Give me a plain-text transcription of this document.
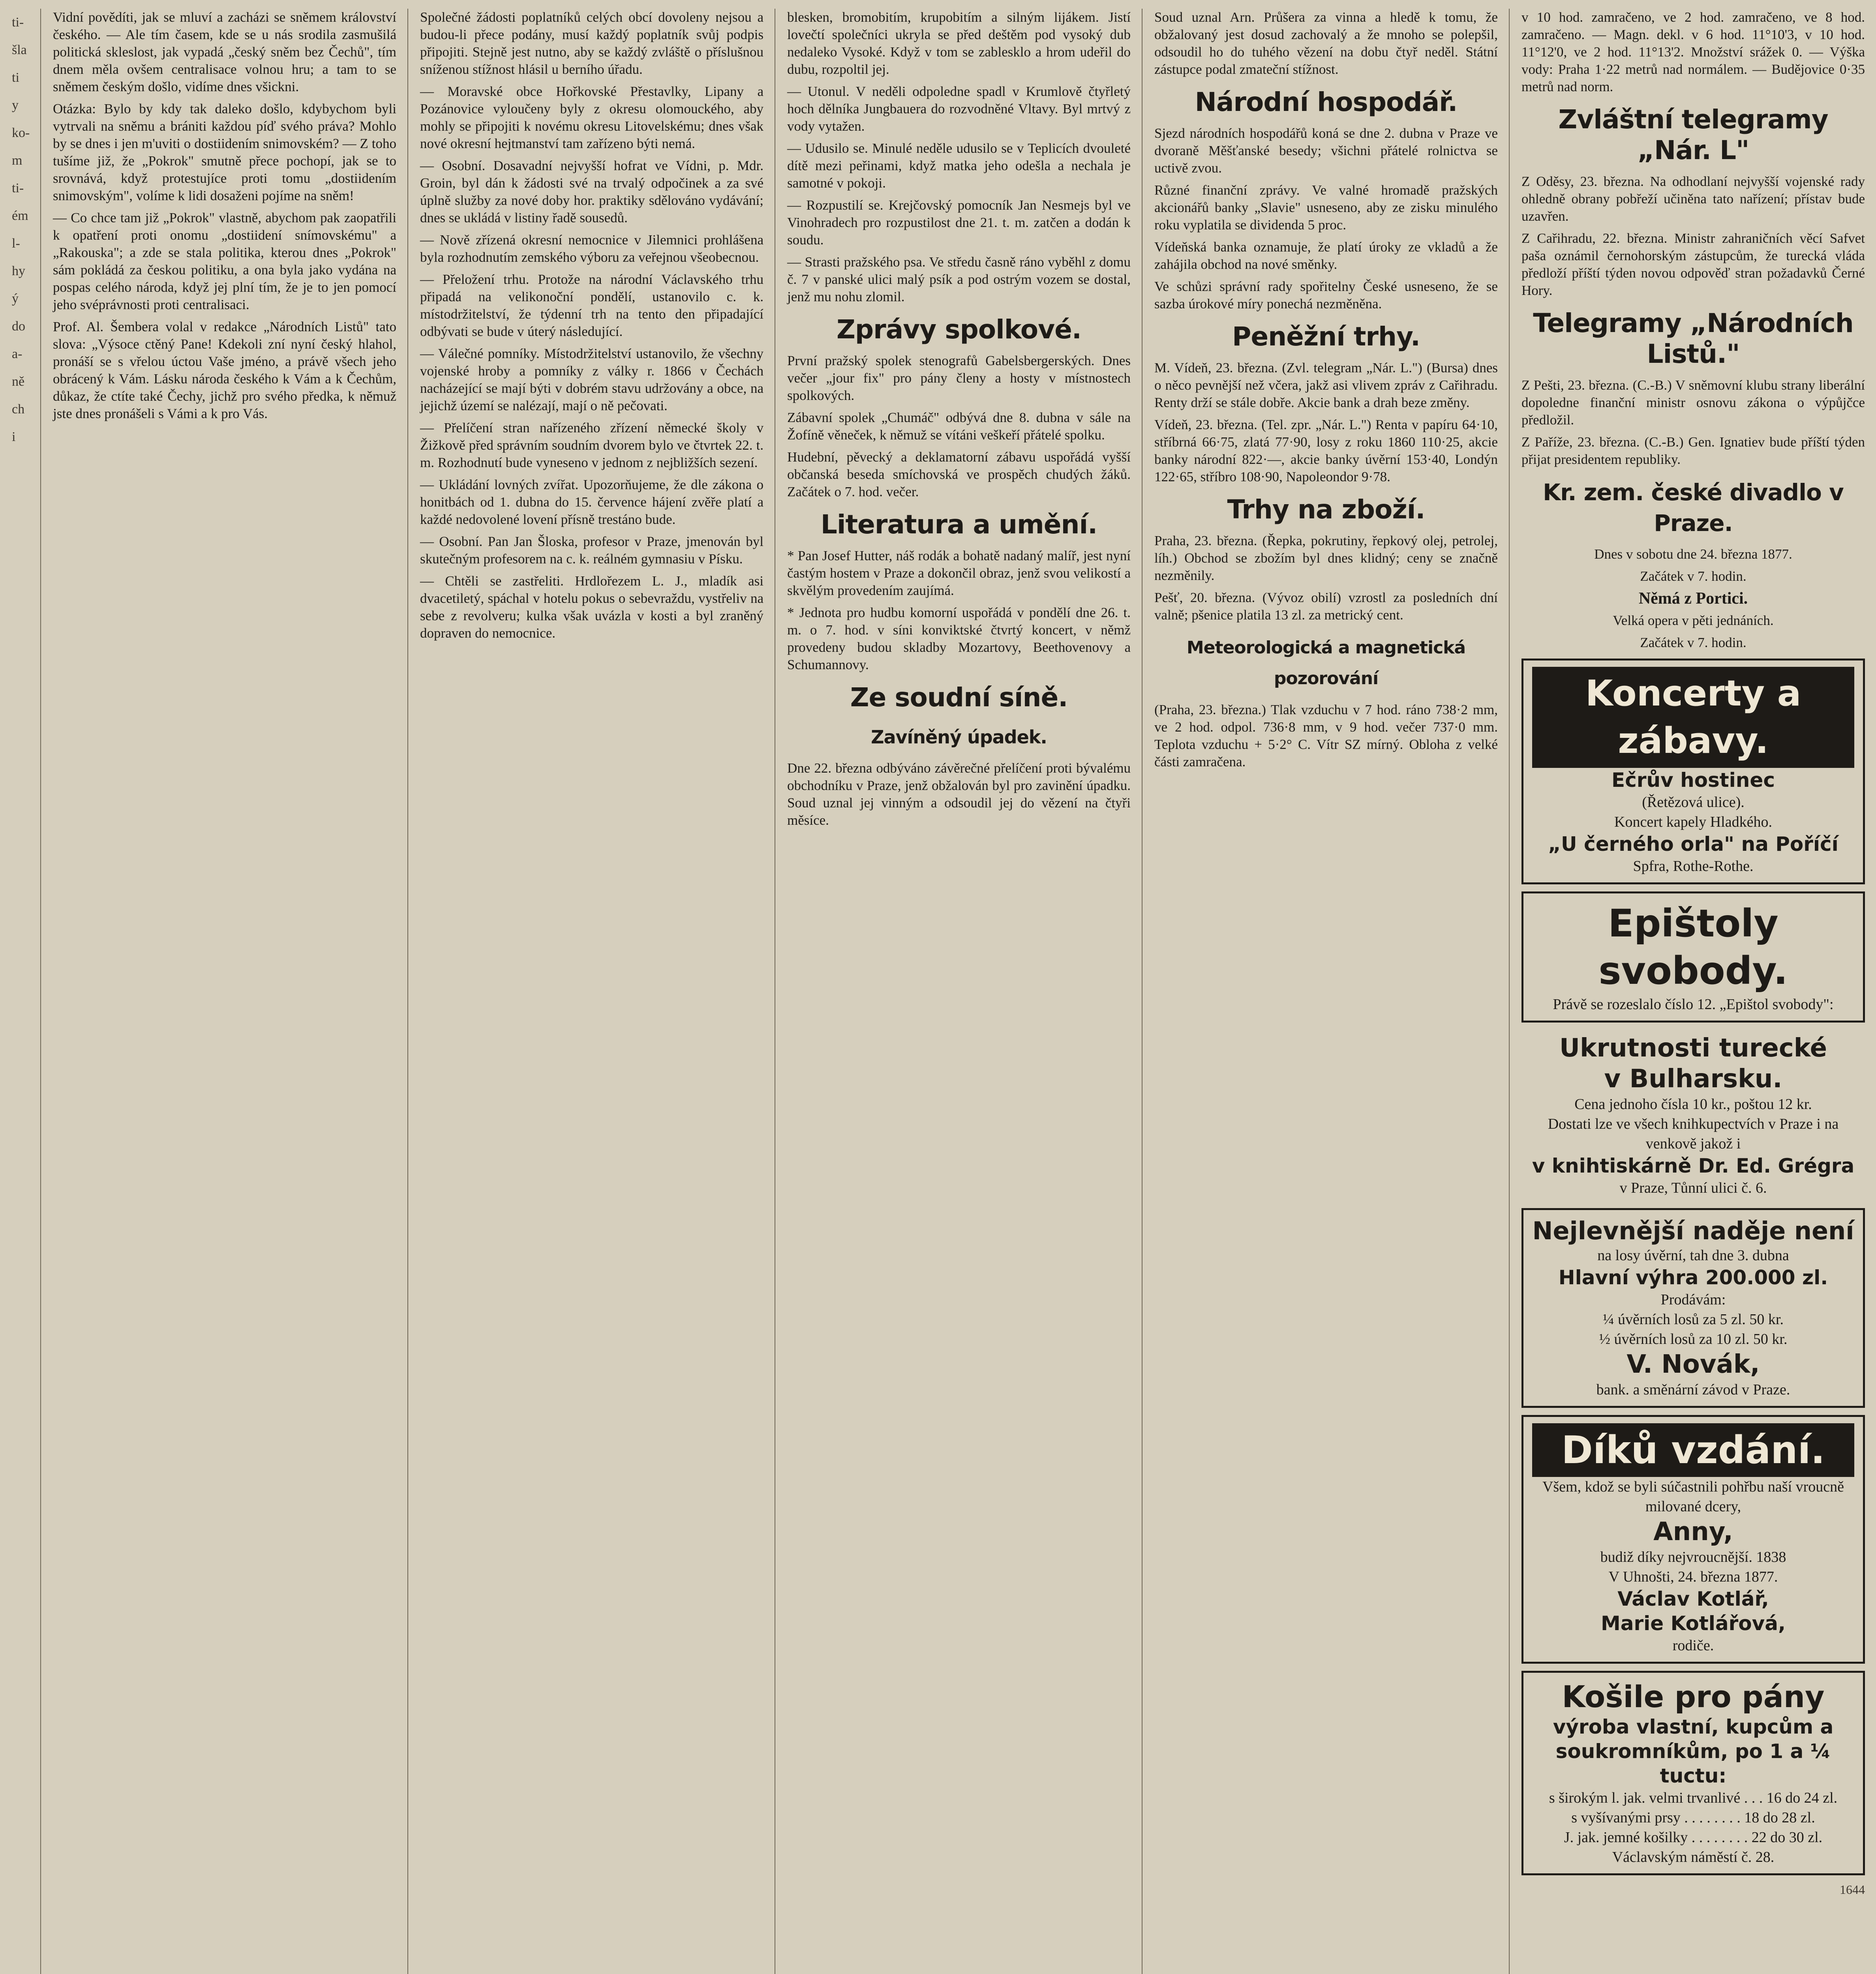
ti-
šla
ti
y
ko-
m
ti-
ém
l-
hy
ý
do
a-
ně
ch
i

Vidní povědíti, jak se mluví a zacházi se sněmem království českého. — Ale tím časem, kde se u nás srodila zasmušilá politická skleslost, jak vypadá „český sněm bez Čechů", tím dnem měla ovšem centralisace volnou hru; a tam to se sněmem českým došlo, vidíme dnes všickni.

Otázka: Bylo by kdy tak daleko došlo, kdybychom byli vytrvali na sněmu a brániti každou píď svého práva? Mohlo by se dnes i jen m'uviti o dostiidením snimovském? — Z toho tušíme již, že „Pokrok" smutně přece pochopí, jak se to srovnává, když protestujíce proti tomu „dostiidením snimovským", volíme k lidi dosaženi pojíme na sněm!

— Co chce tam již „Pokrok" vlastně, abychom pak zaopatřili k opatření proti onomu „dostiidení snímovskému" a „Rakouska"; a zde se stala politika, kterou dnes „Pokrok" sám pokládá za českou politiku, a ona byla jako vydána na pospas celého národa, když jej plní tím, že je to jen pomocí jeho svéprávnosti proti centralisaci.

Prof. Al. Šembera volal v redakce „Národních Listů" tato slova: „Výsoce ctěný Pane! Kdekoli zní nyní český hlahol, pronáší se s vřelou úctou Vaše jméno, a právě všech jeho obrácený k Vám. Lásku národa českého k Vám a k Čechům, důkaz, že ctíte také Čechy, jichž pro svého předka, k němuž jste dnes pronášeli s Vámi a k pro Vás.

Společné žádosti poplatníků celých obcí dovoleny nejsou a budou-li přece podány, musí každý poplatník svůj podpis připojiti. Stejně jest nutno, aby se každý zvláště o příslušnou sníženou stížnost hlásil u berního úřadu.

— Moravské obce Hořkovské Přestavlky, Lipany a Pozánovice vyloučeny byly z okresu olomouckého, aby mohly se připojiti k novému okresu Litovelskému; dnes však nové okresní hejtmanství tam zařízeno býti nemá.

— Osobní. Dosavadní nejvyšší hofrat ve Vídni, p. Mdr. Groin, byl dán k žádosti své na trvalý odpočinek a za své úplně služby za nové doby hor. praktiky sdělováno vydávání; dnes se ukládá v listiny řadě sousedů.

— Nově zřízená okresní nemocnice v Jilemnici prohlášena byla rozhodnutím zemského výboru za veřejnou všeobecnou.

— Přeložení trhu. Protože na národní Václavského trhu připadá na velikonoční pondělí, ustanovilo c. k. místodržitelství, že týdenní trh na tento den připadající odbývati se bude v úterý následující.

— Válečné pomníky. Místodržitelství ustanovilo, že všechny vojenské hroby a pomníky z války r. 1866 v Čechách nacházející se mají býti v dobrém stavu udržovány a obce, na jejichž území se nalézají, mají o ně pečovati.

— Přelíčení stran nařízeného zřízení německé školy v Žižkově před správním soudním dvorem bylo ve čtvrtek 22. t. m. Rozhodnutí bude vyneseno v jednom z nejbližších sezení.

— Ukládání lovných zvířat. Upozorňujeme, že dle zákona o honitbách od 1. dubna do 15. července hájení zvěře platí a každé nedovolené lovení přísně trestáno bude.

— Osobní. Pan Jan Šloska, profesor v Praze, jmenován byl skutečným profesorem na c. k. reálném gymnasiu v Písku.

— Chtěli se zastřeliti. Hrdlořezem L. J., mladík asi dvacetiletý, spáchal v hotelu pokus o sebevraždu, vystřeliv na sebe z revolveru; kulka však uvázla v kosti a byl zraněný dopraven do nemocnice.

blesken, bromobitím, krupobitím a silným lijákem. Jistí lovečtí společníci ukryla se před deštěm pod vysoký dub nedaleko Vysoké. Když v tom se zablesklo a hrom udeřil do dubu, rozpoltil jej.

— Utonul. V neděli odpoledne spadl v Krumlově čtyřletý hoch dělníka Jungbauera do rozvodněné Vltavy. Byl mrtvý z vody vytažen.

— Udusilo se. Minulé neděle udusilo se v Teplicích dvouleté dítě mezi peřinami, když matka jeho odešla a nechala je samotné v pokoji.

— Rozpustilí se. Krejčovský pomocník Jan Nesmejs byl ve Vinohradech pro rozpustilost dne 21. t. m. zatčen a dodán k soudu.

— Strasti pražského psa. Ve středu časně ráno vyběhl z domu č. 7 v panské ulici malý psík a pod ostrým vozem se dostal, jenž mu nohu zlomil.

Zprávy spolkové.

První pražský spolek stenografů Gabelsbergerských. Dnes večer „jour fix" pro pány členy a hosty v místnostech spolkových.

Zábavní spolek „Chumáč" odbývá dne 8. dubna v sále na Žofíně věneček, k němuž se vítáni veškeří přátelé spolku.

Hudební, pěvecký a deklamatorní zábavu uspořádá vyšší občanská beseda smíchovská ve prospěch chudých žáků. Začátek o 7. hod. večer.

Literatura a umění.

* Pan Josef Hutter, náš rodák a bohatě nadaný malíř, jest nyní častým hostem v Praze a dokončil obraz, jenž svou velikostí a skvělým provedením zaujímá.

* Jednota pro hudbu komorní uspořádá v pondělí dne 26. t. m. o 7. hod. v síni konviktské čtvrtý koncert, v němž provedeny budou skladby Mozartovy, Beethovenovy a Schumannovy.

Ze soudní síně.
Zavíněný úpadek.

Dne 22. března odbýváno závěrečné přelíčení proti bývalému obchodníku v Praze, jenž obžalován byl pro zavinění úpadku. Soud uznal jej vinným a odsoudil jej do vězení na čtyři měsíce.

Soud uznal Arn. Průšera za vinna a hledě k tomu, že obžalovaný jest dosud zachovalý a že mnoho se polepšil, odsoudil ho do tuhého vězení na dobu čtyř neděl. Státní zástupce podal zmateční stížnost.

Národní hospodář.

Sjezd národních hospodářů koná se dne 2. dubna v Praze ve dvoraně Měšťanské besedy; všichni přátelé rolnictva se uctivě zvou.

Různé finanční zprávy. Ve valné hromadě pražských akcionářů banky „Slavie" usneseno, aby ze zisku minulého roku vyplatila se dividenda 5 proc.

Vídeňská banka oznamuje, že platí úroky ze vkladů a že zahájila obchod na nové směnky.

Ve schůzi správní rady spořitelny České usneseno, že se sazba úrokové míry ponechá nezměněna.

Peněžní trhy.

M. Vídeň, 23. března. (Zvl. telegram „Nár. L.") (Bursa) dnes o něco pevnější než včera, jakž asi vlivem zpráv z Cařihradu. Renty drží se stále dobře. Akcie bank a drah beze změny.

Vídeň, 23. března. (Tel. zpr. „Nár. L.") Renta v papíru 64·10, stříbrná 66·75, zlatá 77·90, losy z roku 1860 110·25, akcie banky národní 822·—, akcie banky úvěrní 153·40, Londýn 122·65, stříbro 108·90, Napoleondor 9·78.

Trhy na zboží.

Praha, 23. března. (Řepka, pokrutiny, řepkový olej, petrolej, líh.) Obchod se zbožím byl dnes klidný; ceny se značně nezměnily.

Pešť, 20. března. (Vývoz obilí) vzrostl za posledních dní valně; pšenice platila 13 zl. za metrický cent.

Meteorologická a magnetická pozorování

(Praha, 23. března.) Tlak vzduchu v 7 hod. ráno 738·2 mm, ve 2 hod. odpol. 736·8 mm, v 9 hod. večer 737·0 mm. Teplota vzduchu + 5·2° C. Vítr SZ mírný. Obloha z velké části zamračena.

v 10 hod. zamračeno, ve 2 hod. zamračeno, ve 8 hod. zamračeno. — Magn. dekl. v 6 hod. 11°10'3, v 10 hod. 11°12'0, ve 2 hod. 11°13'2. Množství srážek 0. — Výška vody: Praha 1·22 metrů nad normálem. — Budějovice 0·35 metrů nad norm.

Zvláštní telegramy „Nár. L"

Z Oděsy, 23. března. Na odhodlaní nejvyšší vojenské rady ohledně obrany pobřeží učiněna tato nařízení; přístav bude uzavřen.

Z Cařihradu, 22. března. Ministr zahraničních věcí Safvet paša oznámil černohorským zástupcům, že turecká vláda předloží příští týden novou odpověď stran požadavků Černé Hory.

Telegramy „Národních Listů."

Z Pešti, 23. března. (C.-B.) V sněmovní klubu strany liberální dopoledne finanční ministr osnovu zákona o výpůjčce předložil.

Z Paříže, 23. března. (C.-B.) Gen. Ignatiev bude příští týden přijat presidentem republiky.

Kr. zem. české divadlo v Praze.
Dnes v sobotu dne 24. března 1877.
Začátek v 7. hodin.
Němá z Portici.
Velká opera v pěti jednáních.
Začátek v 7. hodin.
Koncerty a zábavy.
Ečrův hostinec
(Řetězová ulice).
Koncert kapely Hladkého.
„U černého orla" na Poříčí
Spfra, Rothe-Rothe.
Epištoly svobody.
Právě se rozeslalo číslo 12. „Epištol svobody":
Ukrutnosti turecké
v Bulharsku.
Cena jednoho čísla 10 kr., poštou 12 kr.
Dostati lze ve všech knihkupectvích v Praze i na venkově jakož i
v knihtiskárně Dr. Ed. Grégra
v Praze, Tůnní ulici č. 6.
Nejlevnější naděje není
na losy úvěrní, tah dne 3. dubna
Hlavní výhra 200.000 zl.
Prodávám:
¼ úvěrních losů za 5 zl. 50 kr.
½ úvěrních losů za 10 zl. 50 kr.
V. Novák,
bank. a směnární závod v Praze.
Díků vzdání.
Všem, kdož se byli súčastnili pohřbu naší vroucně milované dcery,
Anny,
budiž díky nejvroucnější. 1838
V Uhnošti, 24. března 1877.
Václav Kotlář,
Marie Kotlářová,
rodiče.
Košile pro pány
výroba vlastní, kupcům a soukromníkům, po 1 a ¼ tuctu:
s širokým l. jak. velmi trvanlivé . . . 16 do 24 zl.
s vyšívanými prsy . . . . . . . . 18 do 28 zl.
J. jak. jemné košilky . . . . . . . . 22 do 30 zl.
Václavským náměstí č. 28.
1644
